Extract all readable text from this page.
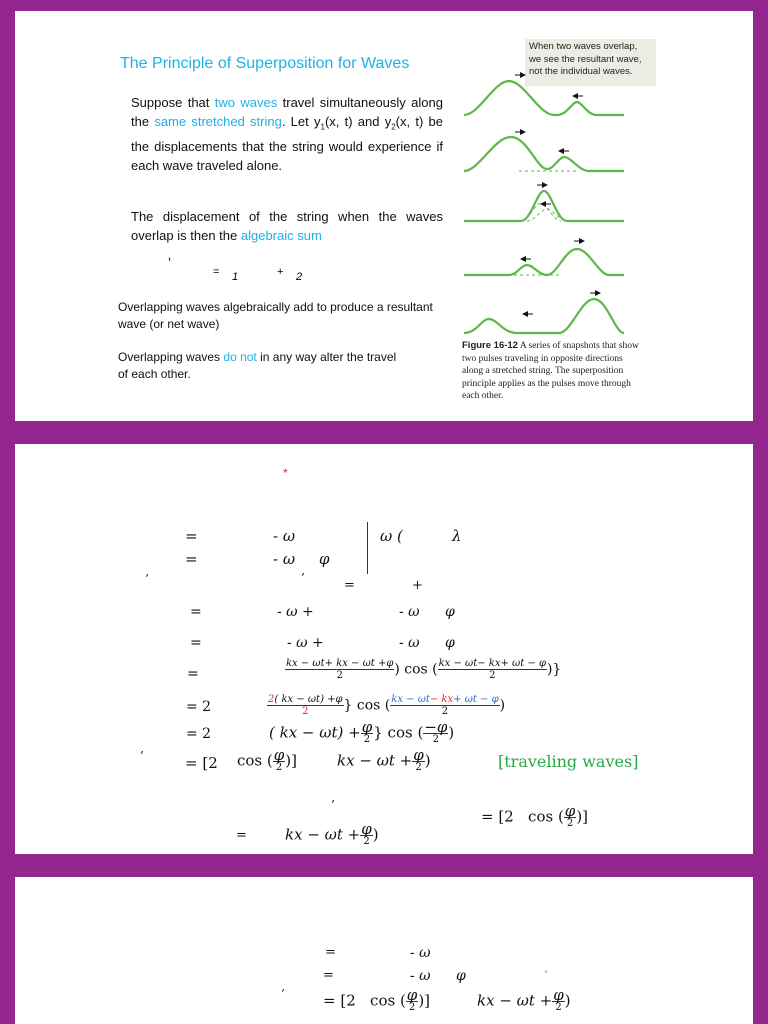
The Principle of Superposition for Waves
Suppose that two waves travel simultaneously along the same stretched string. Let $y_1(x$, t) and $y_2(x$, t) be the displacements that the string would experience if each wave traveled alone.
The displacement of the string when the waves overlap is then the algebraic sum
’
= 1	+ 2
Overlapping waves algebraically add to produce a resultant wave (or net wave)
Overlapping waves do not in any way alter the travel of each other.
When two waves overlap, we see the resultant wave, not the individual waves.
Figure 16-12 A series of snapshots that show two pulses traveling in opposite directions along a stretched string. The superposition principle applies as the pulses move through each other.
*
=	- ω
=	- ω φ
ω (	λ
’	=	+
’
=	- ω +	- ω φ
=	- ω +	- ω φ
=	$\frac{kx - \omega t+ kx - \omega t +\varphi}{2}$ ) cos ( $\frac{kx - \omega t- kx+ \omega t - \varphi}{2}$ )}
= 2	$\frac{2( kx - \omega t) +\varphi}{2}$ } cos ( $\frac{kx - \omega t- kx+ \omega t - \varphi}{2}$ )
= 2	( kx − $\omega t) + \frac{\varphi}{2}$ } cos ( $\frac{-\varphi}{2}$ )
’	= [2 cos ( $\frac{\varphi}{2}$ )]	kx − $\omega t + \frac{\varphi}{2}$ )	[traveling waves]
’
= [2 cos ( $\frac{\varphi}{2}$ )]
=	kx − $\omega t + \frac{\varphi}{2}$ )
=	- ω
=	- ω φ	'
’	= [2 cos ( $\frac{\varphi}{2}$ )]	kx − $\omega t + \frac{\varphi}{2}$ )
